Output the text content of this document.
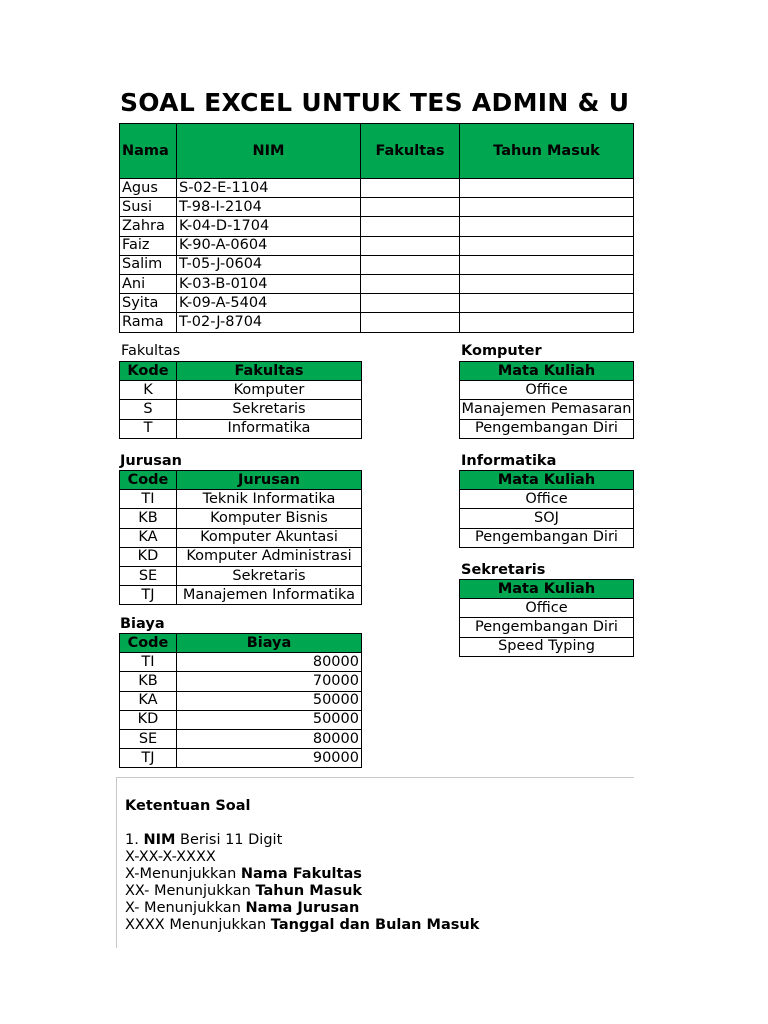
SOAL EXCEL UNTUK TES ADMIN & U
Nama	NIM	Fakultas	Tahun Masuk
Agus	S-02-E-1104		
Susi	T-98-I-2104		
Zahra	K-04-D-1704		
Faiz	K-90-A-0604		
Salim	T-05-J-0604		
Ani	K-03-B-0104		
Syita	K-09-A-5404		
Rama	T-02-J-8704		
Fakultas
Kode	Fakultas
K	Komputer
S	Sekretaris
T	Informatika
Jurusan
Code	Jurusan
TI	Teknik Informatika
KB	Komputer Bisnis
KA	Komputer Akuntasi
KD	Komputer Administrasi
SE	Sekretaris
TJ	Manajemen Informatika
Biaya
Code	Biaya
TI	80000
KB	70000
KA	50000
KD	50000
SE	80000
TJ	90000
Komputer
Mata Kuliah
Office
Manajemen Pemasaran
Pengembangan Diri
Informatika
Mata Kuliah
Office
SOJ
Pengembangan Diri
Sekretaris
Mata Kuliah
Office
Pengembangan Diri
Speed Typing
Ketentuan Soal
1. NIM Berisi 11 Digit
X-XX-X-XXXX
X-Menunjukkan Nama Fakultas
XX- Menunjukkan Tahun Masuk
X- Menunjukkan Nama Jurusan
XXXX Menunjukkan Tanggal dan Bulan Masuk
